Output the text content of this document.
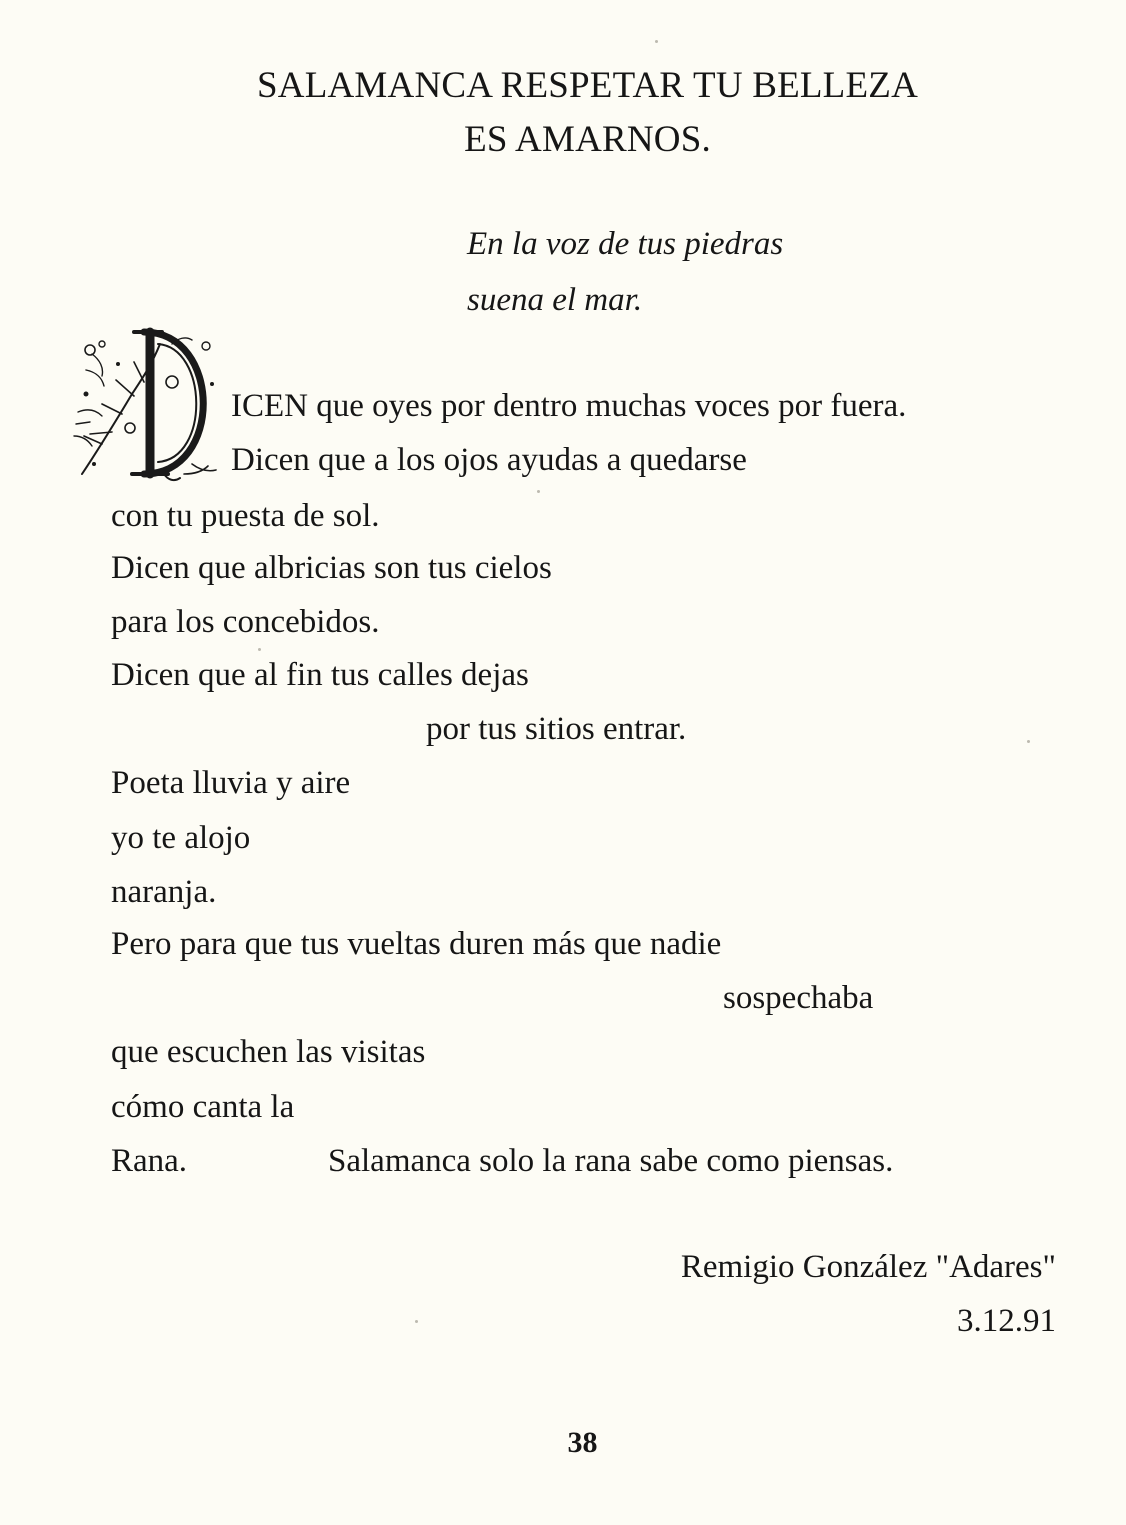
SALAMANCA RESPETAR TU BELLEZA
ES AMARNOS.
En la voz de tus piedras
suena el mar.
ICEN que oyes por dentro muchas voces por fuera.
Dicen que a los ojos ayudas a quedarse
con tu puesta de sol.
Dicen que albricias son tus cielos
para los concebidos.
Dicen que al fin tus calles dejas
por tus sitios entrar.
Poeta lluvia y aire
yo te alojo
naranja.
Pero para que tus vueltas duren más que nadie
sospechaba
que escuchen las visitas
cómo canta la
Rana.	Salamanca solo la rana sabe como piensas.
Remigio González "Adares"
3.12.91
38
